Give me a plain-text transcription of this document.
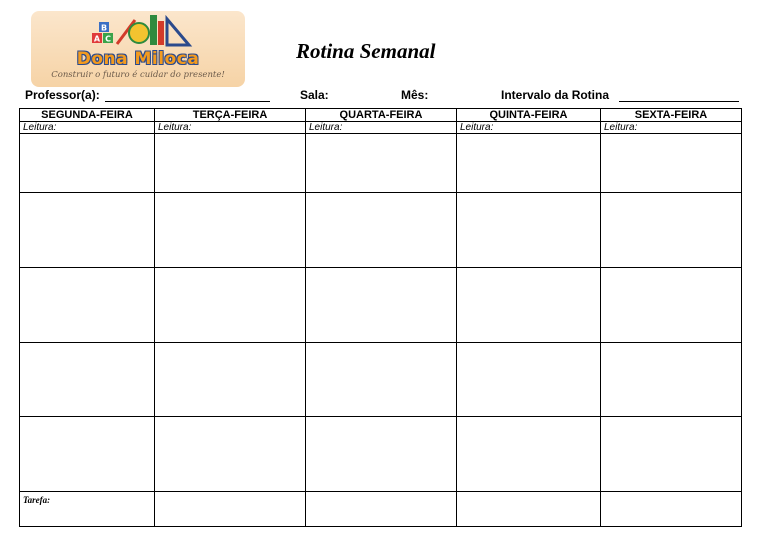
B
A C
Dona Miloca
Construir o futuro é cuidar do presente!
Rotina Semanal
Professor(a):	Sala:	Mês:	Intervalo da Rotina
SEGUNDA-FEIRA	TERÇA-FEIRA	QUARTA-FEIRA	QUINTA-FEIRA	SEXTA-FEIRA
Leitura:	Leitura:	Leitura:	Leitura:	Leitura:

Tarefa:				
